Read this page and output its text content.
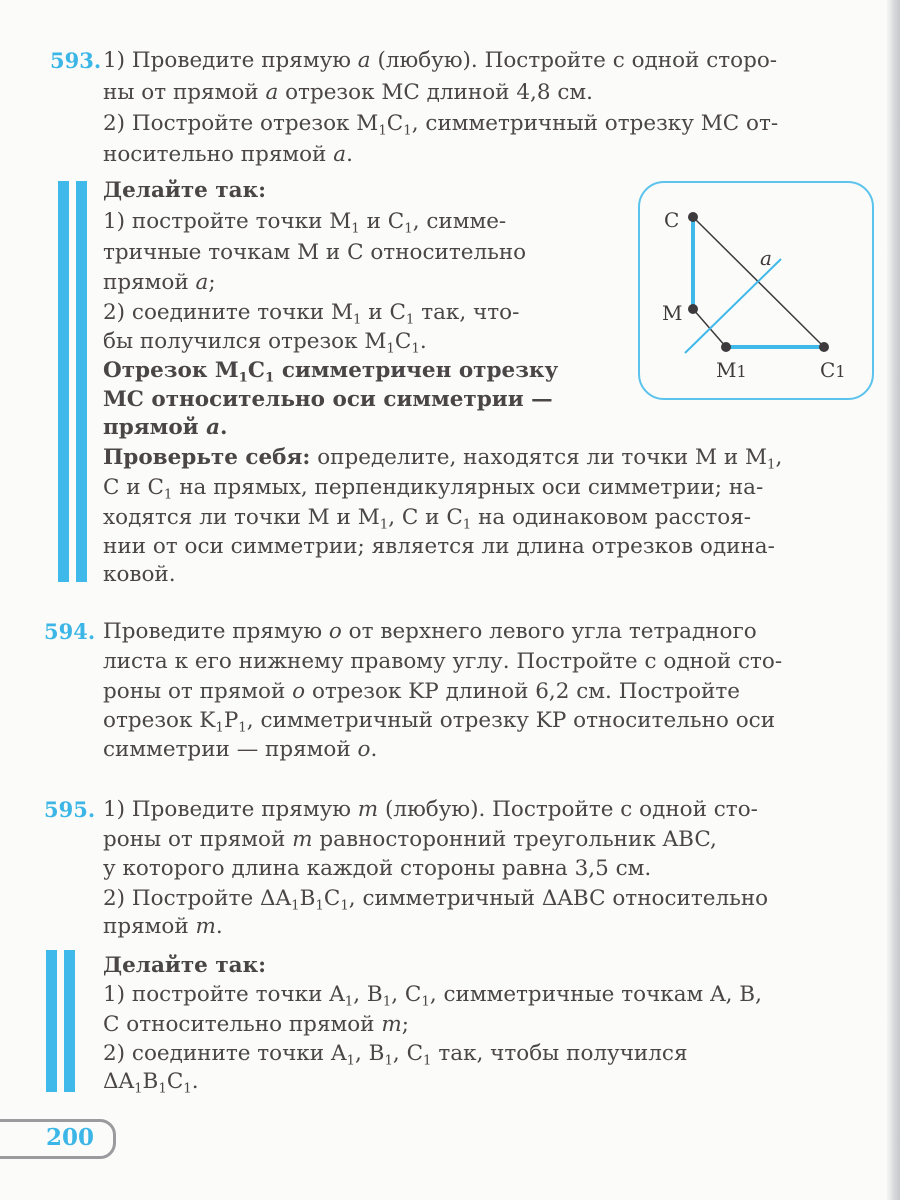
593. 1) Проведите прямую a (любую). Постройте с одной сторо-
ны от прямой a отрезок MC длиной 4,8 см.
2) Постройте отрезок $M_1C_1$, симметричный отрезку MC от-
носительно прямой a.
Делайте так:
1) постройте точки $M_1$ и $C_1$, симме-
тричные точкам M и C относительно
прямой a;
2) соедините точки $M_1$ и $C_1$ так, что-
бы получился отрезок $M_1C_1$.
Отрезок $M_1C_1$ симметричен отрезку
MC относительно оси симметрии —
прямой a.
Проверьте себя: определите, находятся ли точки M и $M_1$,
C и $C_1$ на прямых, перпендикулярных оси симметрии; на-
ходятся ли точки M и $M_1$, C и $C_1$ на одинаковом расстоя-
нии от оси симметрии; является ли длина отрезков одина-
ковой.
C
M
M1	C1
a
594. Проведите прямую o от верхнего левого угла тетрадного
листа к его нижнему правому углу. Постройте с одной сто-
роны от прямой o отрезок KP длиной 6,2 см. Постройте
отрезок $K_1P_1$, симметричный отрезку KP относительно оси
симметрии — прямой o.
595. 1) Проведите прямую m (любую). Постройте с одной сто-
роны от прямой m равносторонний треугольник ABC,
у которого длина каждой стороны равна 3,5 см.
2) Постройте $\Delta A_1B_1C_1$, симметричный ΔABC относительно
прямой m.
Делайте так:
1) постройте точки $A_1$, $B_1$, $C_1$, симметричные точкам A, B,
C относительно прямой m;
2) соедините точки $A_1$, $B_1$, $C_1$ так, чтобы получился
$\Delta A_1B_1C_1$.
200
